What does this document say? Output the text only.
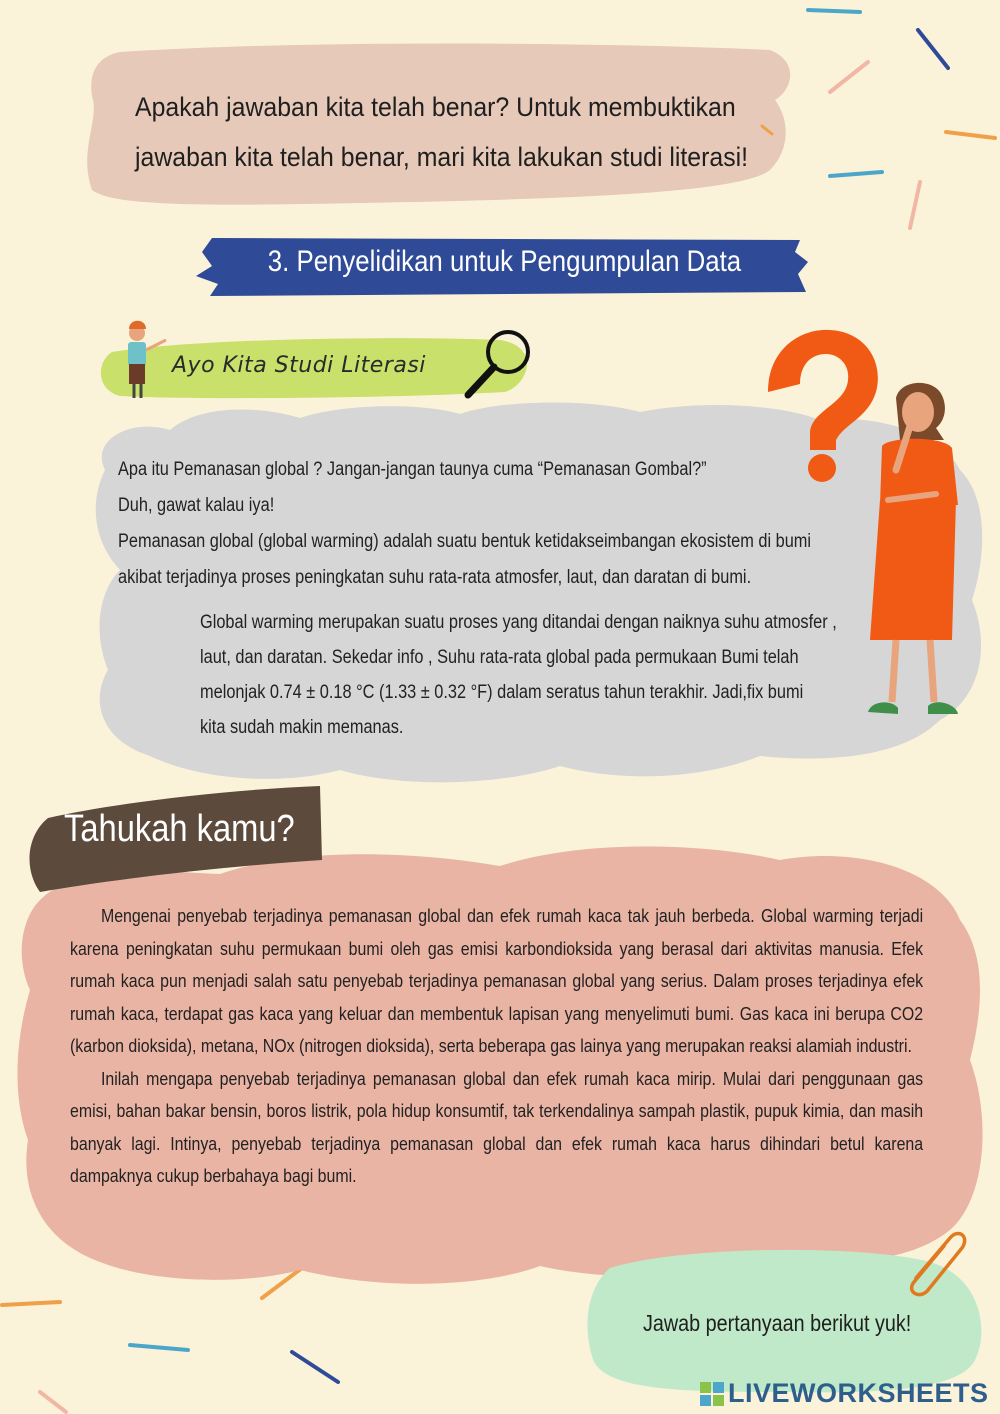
Apakah jawaban kita telah benar? Untuk membuktikan
jawaban kita telah benar, mari kita lakukan studi literasi!
3. Penyelidikan untuk Pengumpulan Data
Ayo Kita Studi Literasi

Apa itu Pemanasan global ? Jangan-jangan taunya cuma “Pemanasan Gombal?”

Duh, gawat kalau iya!

Pemanasan global (global warming) adalah suatu bentuk ketidakseimbangan ekosistem di bumi

akibat terjadinya proses peningkatan suhu rata-rata atmosfer, laut, dan daratan di bumi.

Global warming merupakan suatu proses yang ditandai dengan naiknya suhu atmosfer ,

laut, dan daratan. Sekedar info , Suhu rata-rata global pada permukaan Bumi telah

melonjak 0.74 ± 0.18 °C (1.33 ± 0.32 °F) dalam seratus tahun terakhir. Jadi,fix bumi

kita sudah makin memanas.

Tahukah kamu?

Mengenai penyebab terjadinya pemanasan global dan efek rumah kaca tak jauh berbeda. Global warming terjadi karena peningkatan suhu permukaan bumi oleh gas emisi karbondioksida yang berasal dari aktivitas manusia. Efek rumah kaca pun menjadi salah satu penyebab terjadinya pemanasan global yang serius. Dalam proses terjadinya efek rumah kaca, terdapat gas kaca yang keluar dan membentuk lapisan yang menyelimuti bumi. Gas kaca ini berupa CO2 (karbon dioksida), metana, NOx (nitrogen dioksida), serta beberapa gas lainya yang merupakan reaksi alamiah industri.

Inilah mengapa penyebab terjadinya pemanasan global dan efek rumah kaca mirip. Mulai dari penggunaan gas emisi, bahan bakar bensin, boros listrik, pola hidup konsumtif, tak terkendalinya sampah plastik, pupuk kimia, dan masih banyak lagi. Intinya, penyebab terjadinya pemanasan global dan efek rumah kaca harus dihindari betul karena dampaknya cukup berbahaya bagi bumi.

Jawab pertanyaan berikut yuk!
LIVEWORKSHEETS
